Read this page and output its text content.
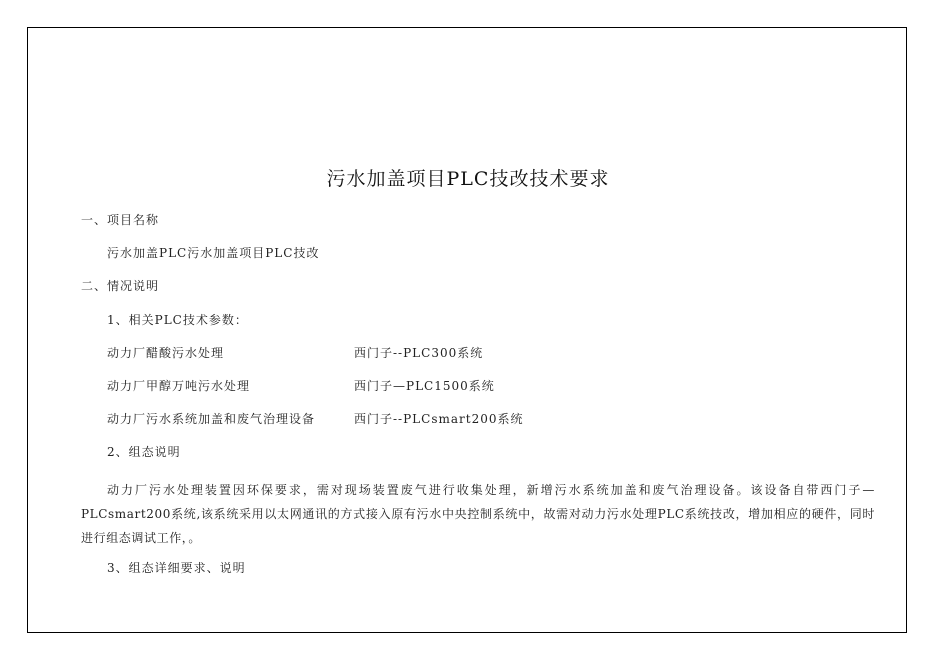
污水加盖项目PLC技改技术要求
一、项目名称
污水加盖PLC污水加盖项目PLC技改
二、情况说明
1、相关PLC技术参数：
动力厂醋酸污水处理	西门子--PLC300系统
动力厂甲醇万吨污水处理	西门子—PLC1500系统
动力厂污水系统加盖和废气治理设备	西门子--PLCsmart200系统
2、组态说明
动力厂污水处理装置因环保要求，需对现场装置废气进行收集处理，新增污水系统加盖和废气治理设备。该设备自带西门子—PLCsmart200系统,该系统采用以太网通讯的方式接入原有污水中央控制系统中，故需对动力污水处理PLC系统技改，增加相应的硬件，同时进行组态调试工作，。
3、组态详细要求、说明
